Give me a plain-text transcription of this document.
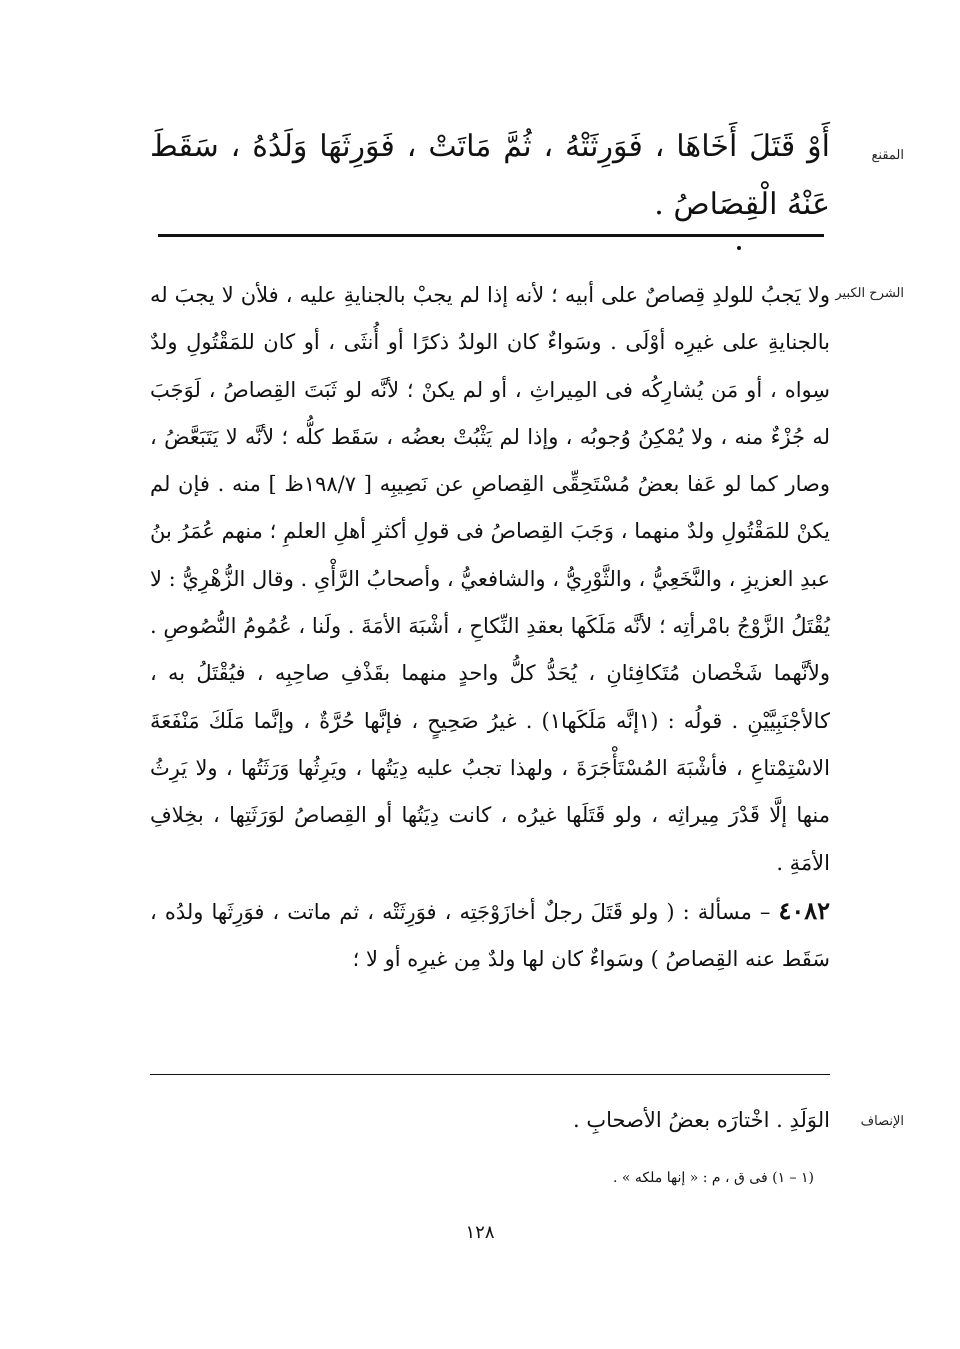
المقنع
أَوْ قَتَلَ أَخَاهَا ، فَوَرِثَتْهُ ، ثُمَّ مَاتَتْ ، فَوَرِثَهَا وَلَدُهُ ، سَقَطَ عَنْهُ الْقِصَاصُ .
الشرح الكبير
ولا يَجبُ للولدِ قِصاصٌ على أبيه ؛ لأنه إذا لم يجبْ بالجنايةِ عليه ، فلأن لا يجبَ له بالجنايةِ على غيرِه أوْلَى . وسَواءٌ كان الولدُ ذكرًا أو أُنثَى ، أو كان للمَقْتُولِ ولدٌ سِواه ، أو مَن يُشارِكُه فى المِيراثِ ، أو لم يكنْ ؛ لأنَّه لو ثَبَتَ القِصاصُ ، لَوَجَبَ له جُزْءٌ منه ، ولا يُمْكِنُ وُجوبُه ، وإذا لم يَثْبُتْ بعضُه ، سَقَط كلُّه ؛ لأنَّه لا يَتَبَعَّضُ ، وصار كما لو عَفا بعضُ مُسْتَحِقِّى القِصاصِ عن نَصِيبِه [ ١٩٨/٧ظ ] منه . فإن لم يكنْ للمَقْتُولِ ولدٌ منهما ، وَجَبَ القِصاصُ فى قولِ أكثرِ أهلِ العلمِ ؛ منهم عُمَرُ بنُ عبدِ العزيزِ ، والنَّخَعِيُّ ، والثَّوْرِيُّ ، والشافعيُّ ، وأصحابُ الرَّأْىِ . وقال الزُّهْرِيُّ : لا يُقْتَلُ الزَّوْجُ بامْرأتِه ؛ لأنَّه مَلَكَها بعقدِ النِّكاحِ ، أشْبَهَ الأمَةَ . ولَنا ، عُمُومُ النُّصُوصِ . ولأنَّهما شَخْصان مُتَكافِئانِ ، يُحَدُّ كلُّ واحدٍ منهما بقَذْفِ صاحِبِه ، فيُقْتَلُ به ، كالأجْنَبِيَّيْنِ . قولُه : (١إنَّه مَلَكَها١) . غيرُ صَحِيحٍ ، فإنَّها حُرَّةٌ ، وإنَّما مَلَكَ مَنْفَعَةَ الاسْتِمْتاعِ ، فأشْبَهَ المُسْتَأْجَرَةَ ، ولهذا تجبُ عليه دِيَتُها ، ويَرِثُها وَرَثَتُها ، ولا يَرِثُ منها إلَّا قَدْرَ مِيراثِه ، ولو قَتَلَها غيرُه ، كانت دِيَتُها أو القِصاصُ لوَرَثَتِها ، بخِلافِ الأمَةِ .
٤٠٨٢ – مسألة : ( ولو قَتَلَ رجلٌ أخازَوْجَتِه ، فوَرِثَتْه ، ثم ماتت ، فوَرِثَها ولدُه ، سَقَط عنه القِصاصُ ) وسَواءٌ كان لها ولدٌ مِن غيرِه أو لا ؛
الإنصاف
الوَلَدِ . اخْتارَه بعضُ الأصحابِ .
(١ – ١) فى ق ، م : « إنها ملكه » .
١٢٨
